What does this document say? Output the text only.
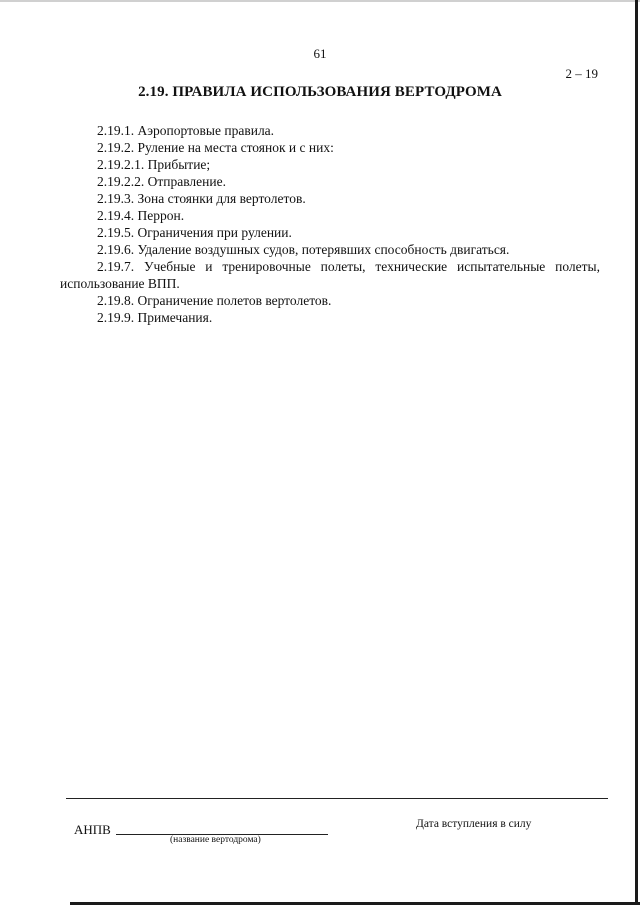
61
2 – 19
2.19. ПРАВИЛА ИСПОЛЬЗОВАНИЯ ВЕРТОДРОМА
2.19.1. Аэропортовые правила.
2.19.2. Руление на места стоянок и с них:
2.19.2.1. Прибытие;
2.19.2.2. Отправление.
2.19.3. Зона стоянки для вертолетов.
2.19.4. Перрон.
2.19.5. Ограничения при рулении.
2.19.6. Удаление воздушных судов, потерявших способность двигаться.
2.19.7. Учебные и тренировочные полеты, технические испытательные полеты, использование ВПП.
2.19.8. Ограничение полетов вертолетов.
2.19.9. Примечания.
АНПВ
(название вертодрома)
Дата вступления в силу
